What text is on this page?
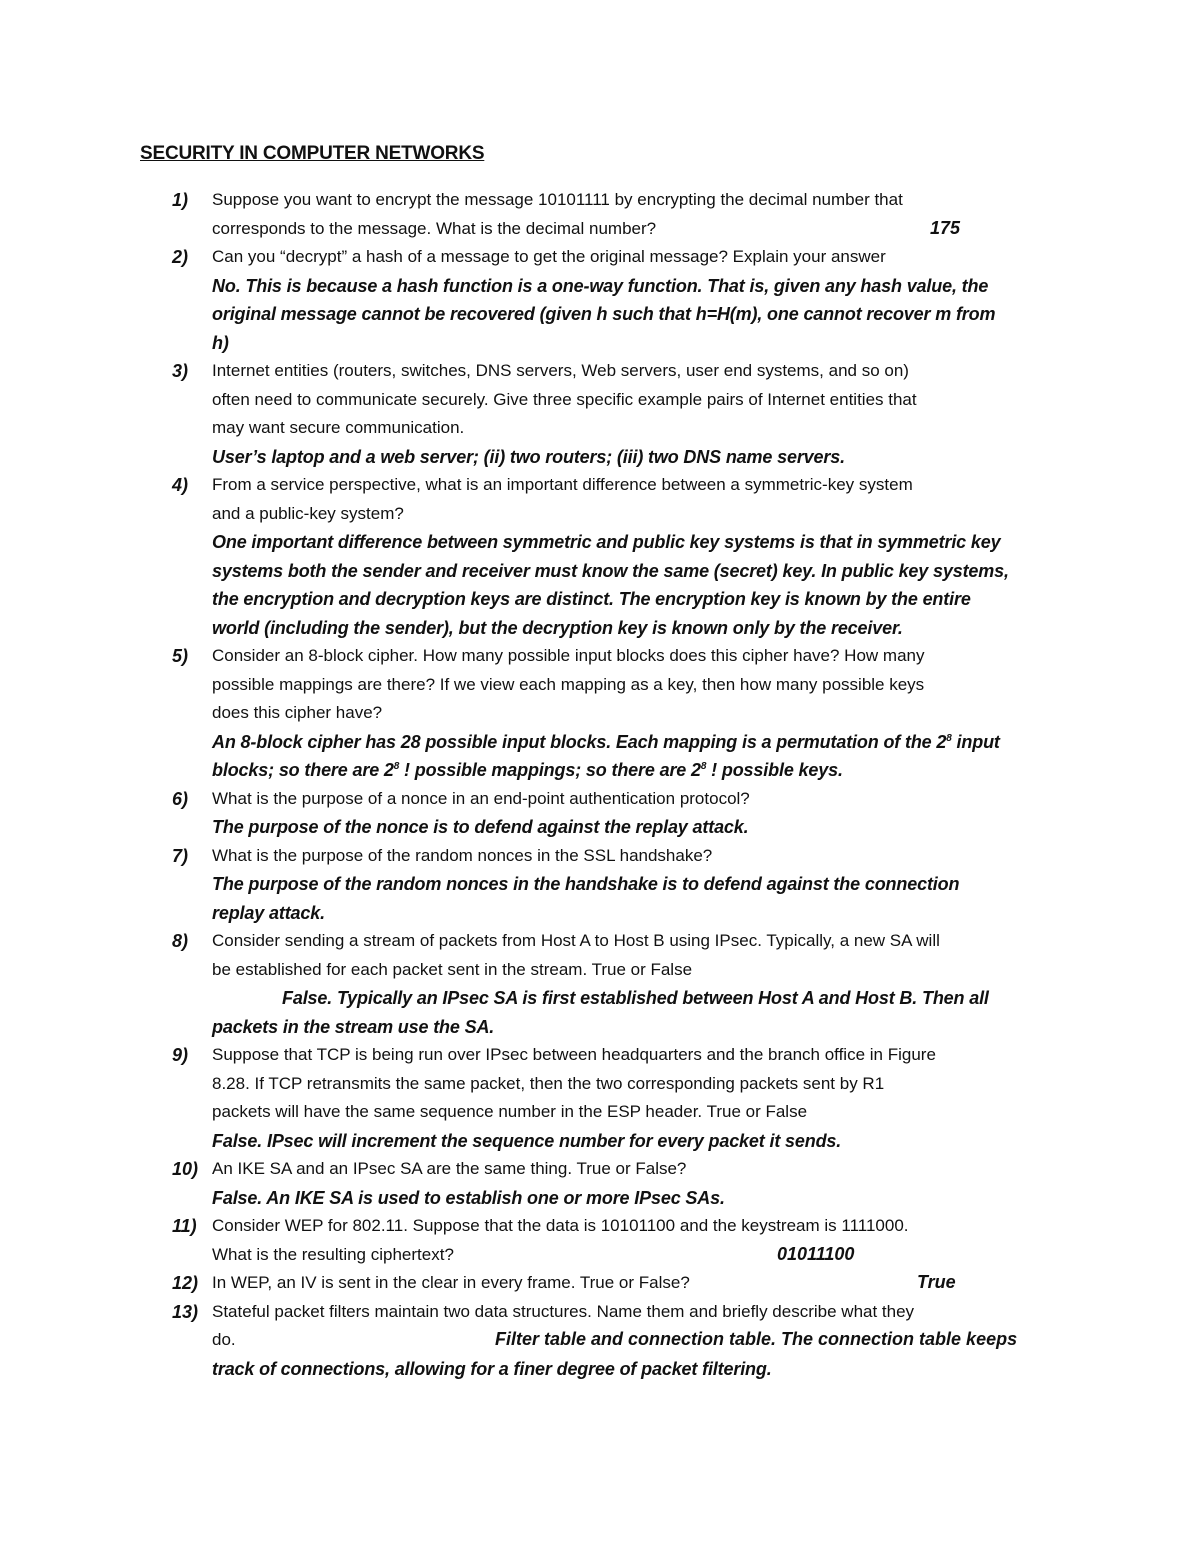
SECURITY IN COMPUTER NETWORKS
1) Suppose you want to encrypt the message 10101111 by encrypting the decimal number that
corresponds to the message. What is the decimal number?	175
2) Can you “decrypt” a hash of a message to get the original message? Explain your answer
No. This is because a hash function is a one-way function. That is, given any hash value, the
original message cannot be recovered (given h such that h=H(m), one cannot recover m from
h)
3) Internet entities (routers, switches, DNS servers, Web servers, user end systems, and so on)
often need to communicate securely. Give three specific example pairs of Internet entities that
may want secure communication.
User’s laptop and a web server; (ii) two routers; (iii) two DNS name servers.
4) From a service perspective, what is an important difference between a symmetric-key system
and a public-key system?
One important difference between symmetric and public key systems is that in symmetric key
systems both the sender and receiver must know the same (secret) key. In public key systems,
the encryption and decryption keys are distinct. The encryption key is known by the entire
world (including the sender), but the decryption key is known only by the receiver.
5) Consider an 8-block cipher. How many possible input blocks does this cipher have? How many
possible mappings are there? If we view each mapping as a key, then how many possible keys
does this cipher have?
An 8-block cipher has 28 possible input blocks. Each mapping is a permutation of the $2^8$ input
blocks; so there are $2^8$ ! possible mappings; so there are $2^8$ ! possible keys.
6) What is the purpose of a nonce in an end-point authentication protocol?
The purpose of the nonce is to defend against the replay attack.
7) What is the purpose of the random nonces in the SSL handshake?
The purpose of the random nonces in the handshake is to defend against the connection
replay attack.
8) Consider sending a stream of packets from Host A to Host B using IPsec. Typically, a new SA will
be established for each packet sent in the stream. True or False
False. Typically an IPsec SA is first established between Host A and Host B. Then all
packets in the stream use the SA.
9) Suppose that TCP is being run over IPsec between headquarters and the branch office in Figure
8.28. If TCP retransmits the same packet, then the two corresponding packets sent by R1
packets will have the same sequence number in the ESP header. True or False
False. IPsec will increment the sequence number for every packet it sends.
10) An IKE SA and an IPsec SA are the same thing. True or False?
False. An IKE SA is used to establish one or more IPsec SAs.
11) Consider WEP for 802.11. Suppose that the data is 10101100 and the keystream is 1111000.
What is the resulting ciphertext?	01011100
12) In WEP, an IV is sent in the clear in every frame. True or False?	True
13) Stateful packet filters maintain two data structures. Name them and briefly describe what they
do.	Filter table and connection table. The connection table keeps
track of connections, allowing for a finer degree of packet filtering.
